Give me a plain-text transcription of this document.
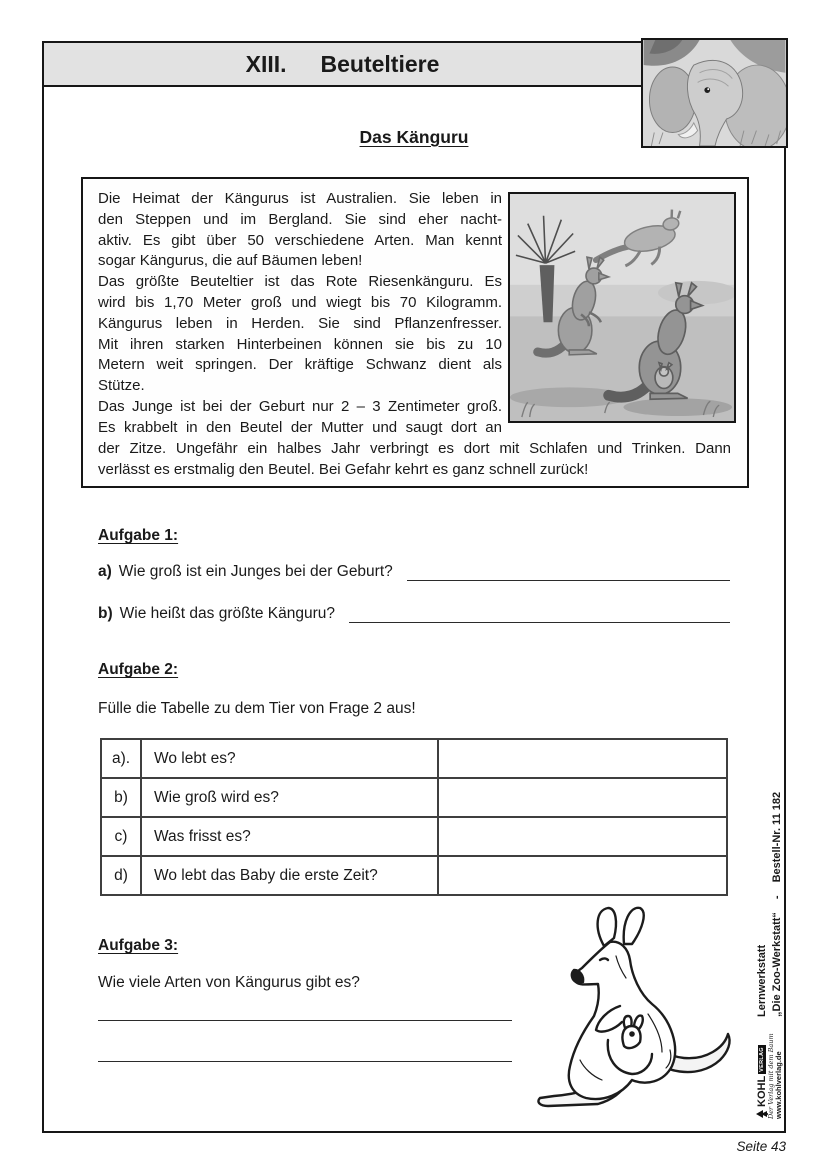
XIII. Beuteltiere
Das Känguru
Die Heimat der Kängurus ist Australien. Sie leben in
den Steppen und im Bergland. Sie sind eher nacht-
aktiv. Es gibt über 50 verschiedene Arten. Man kennt
sogar Kängurus, die auf Bäumen leben!
Das größte Beuteltier ist das Rote Riesenkänguru. Es
wird bis 1,70 Meter groß und wiegt bis 70 Kilogramm.
Kängurus leben in Herden. Sie sind Pflanzenfresser.
Mit ihren starken Hinterbeinen können sie bis zu 10
Metern weit springen. Der kräftige Schwanz dient als
Stütze.
Das Junge ist bei der Geburt nur 2 – 3 Zentimeter groß.
Es krabbelt in den Beutel der Mutter und saugt dort an
der Zitze. Ungefähr ein halbes Jahr verbringt es dort mit Schlafen und Trinken. Dann
verlässt es erstmalig den Beutel. Bei Gefahr kehrt es ganz schnell zurück!
Aufgabe 1:
a) Wie groß ist ein Junges bei der Geburt?
b) Wie heißt das größte Känguru?
Aufgabe 2:
Fülle die Tabelle zu dem Tier von Frage 2 aus!
a).	Wo lebt es?	
b)	Wie groß wird es?	
c)	Was frisst es?	
d)	Wo lebt das Baby die erste Zeit?	
Aufgabe 3:
Wie viele Arten von Kängurus gibt es?
KOHL
VERLAG Der Verlag mit dem Baum www.kohlverlag.de
Lernwerkstatt „Die Zoo-Werkstatt“
-
Bestell-Nr. 11 182
Seite 43
